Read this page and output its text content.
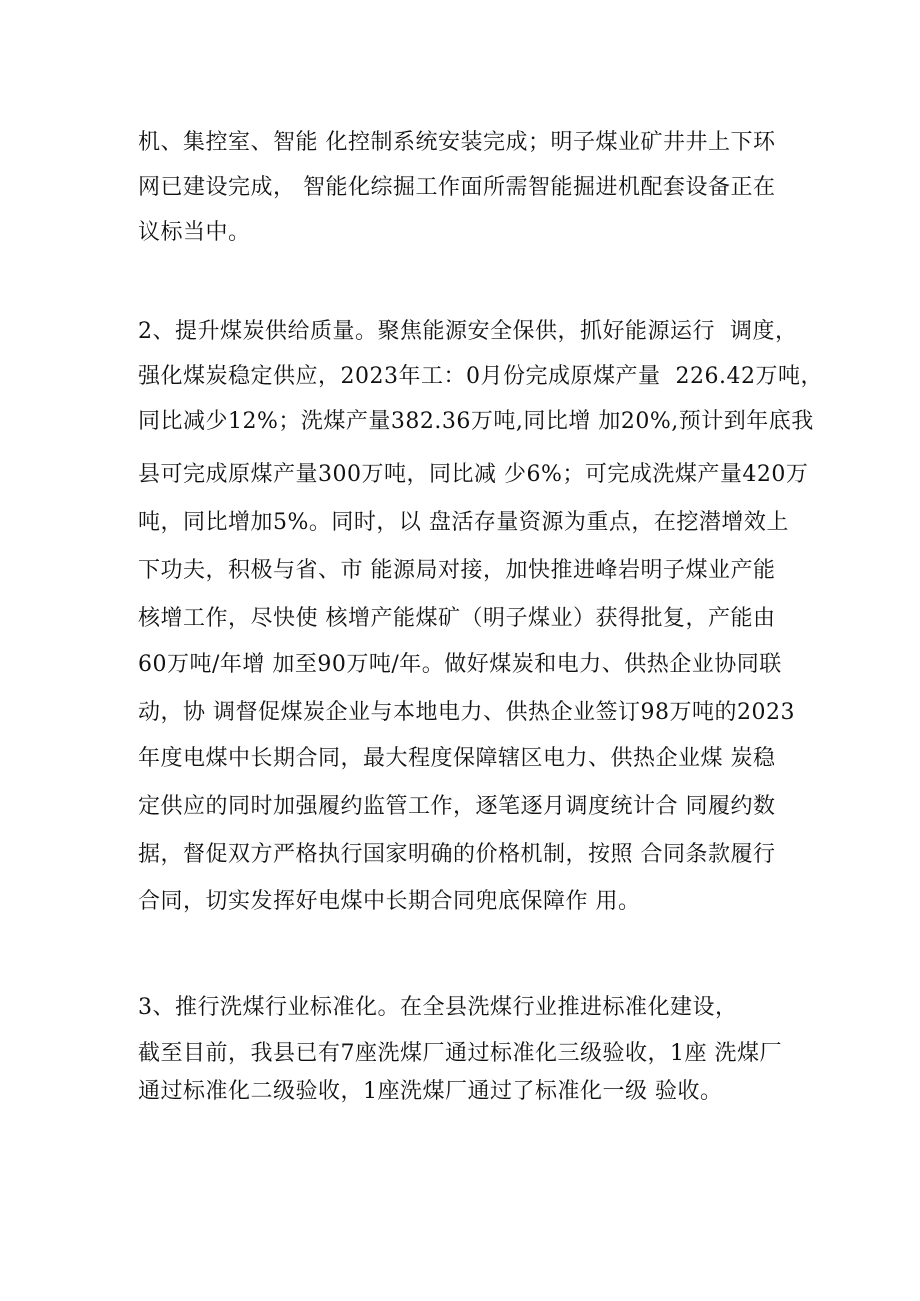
机、集控室、智能 化控制系统安装完成；明子煤业矿井井上下环
网已建设完成， 智能化综掘工作面所需智能掘进机配套设备正在
议标当中。
2、提升煤炭供给质量。聚焦能源安全保供，抓好能源运行  调度，
强化煤炭稳定供应，2023年工：0月份完成原煤产量  226.42万吨，
同比减少12%；洗煤产量382.36万吨,同比增 加20%,预计到年底我
县可完成原煤产量300万吨，同比减 少6%；可完成洗煤产量420万
吨，同比增加5%。同时，以 盘活存量资源为重点，在挖潜增效上
下功夫，积极与省、市 能源局对接，加快推进峰岩明子煤业产能
核增工作，尽快使 核增产能煤矿（明子煤业）获得批复，产能由
60万吨/年增 加至90万吨/年。做好煤炭和电力、供热企业协同联
动，协 调督促煤炭企业与本地电力、供热企业签订98万吨的2023
年度电煤中长期合同，最大程度保障辖区电力、供热企业煤 炭稳
定供应的同时加强履约监管工作，逐笔逐月调度统计合 同履约数
据，督促双方严格执行国家明确的价格机制，按照 合同条款履行
合同，切实发挥好电煤中长期合同兜底保障作 用。
3、推行洗煤行业标准化。在全县洗煤行业推进标准化建设，
截至目前，我县已有7座洗煤厂通过标准化三级验收，1座 洗煤厂
通过标准化二级验收，1座洗煤厂通过了标准化一级 验收。
